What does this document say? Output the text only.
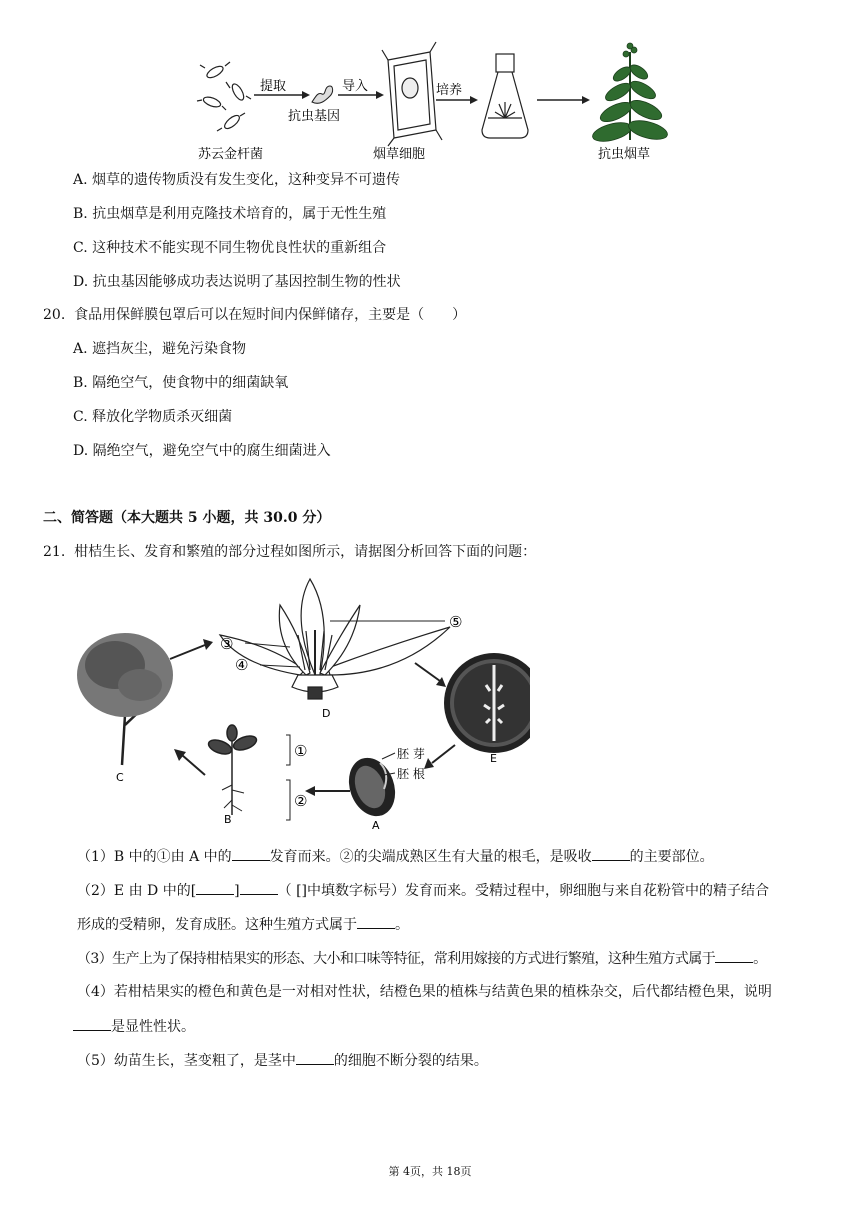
提取	导入	培养
抗虫基因
苏云金杆菌	烟草细胞	抗虫烟草
A. 烟草的遗传物质没有发生变化，这种变异不可遗传
B. 抗虫烟草是利用克隆技术培育的，属于无性生殖
C. 这种技术不能实现不同生物优良性状的重新组合
D. 抗虫基因能够成功表达说明了基因控制生物的性状
20. 食品用保鲜膜包罩后可以在短时间内保鲜储存，主要是（　　）
A. 遮挡灰尘，避免污染食物
B. 隔绝空气，使食物中的细菌缺氧
C. 释放化学物质杀灭细菌
D. 隔绝空气，避免空气中的腐生细菌进入
二、简答题（本大题共 5 小题，共 30.0 分）
21. 柑桔生长、发育和繁殖的部分过程如图所示，请据图分析回答下面的问题：
③
④
⑤
D
E
C
B	A
胚 芽
胚 根
①
②
（1）B 中的①由 A 中的	发育而来。②的尖端成熟区生有大量的根毛，是吸收	的主要部位。
（2）E 由 D 中的[	]	（ []中填数字标号）发育而来。受精过程中，卵细胞与来自花粉管中的精子结合
形成的受精卵，发育成胚。这种生殖方式属于	。
（3）生产上为了保持柑桔果实的形态、大小和口味等特征，常利用嫁接的方式进行繁殖，这种生殖方式属于	。
（4）若柑桔果实的橙色和黄色是一对相对性状，结橙色果的植株与结黄色果的植株杂交，后代都结橙色果，说明
是显性性状。
（5）幼苗生长，茎变粗了，是茎中	的细胞不断分裂的结果。
第 4页，共 18页
